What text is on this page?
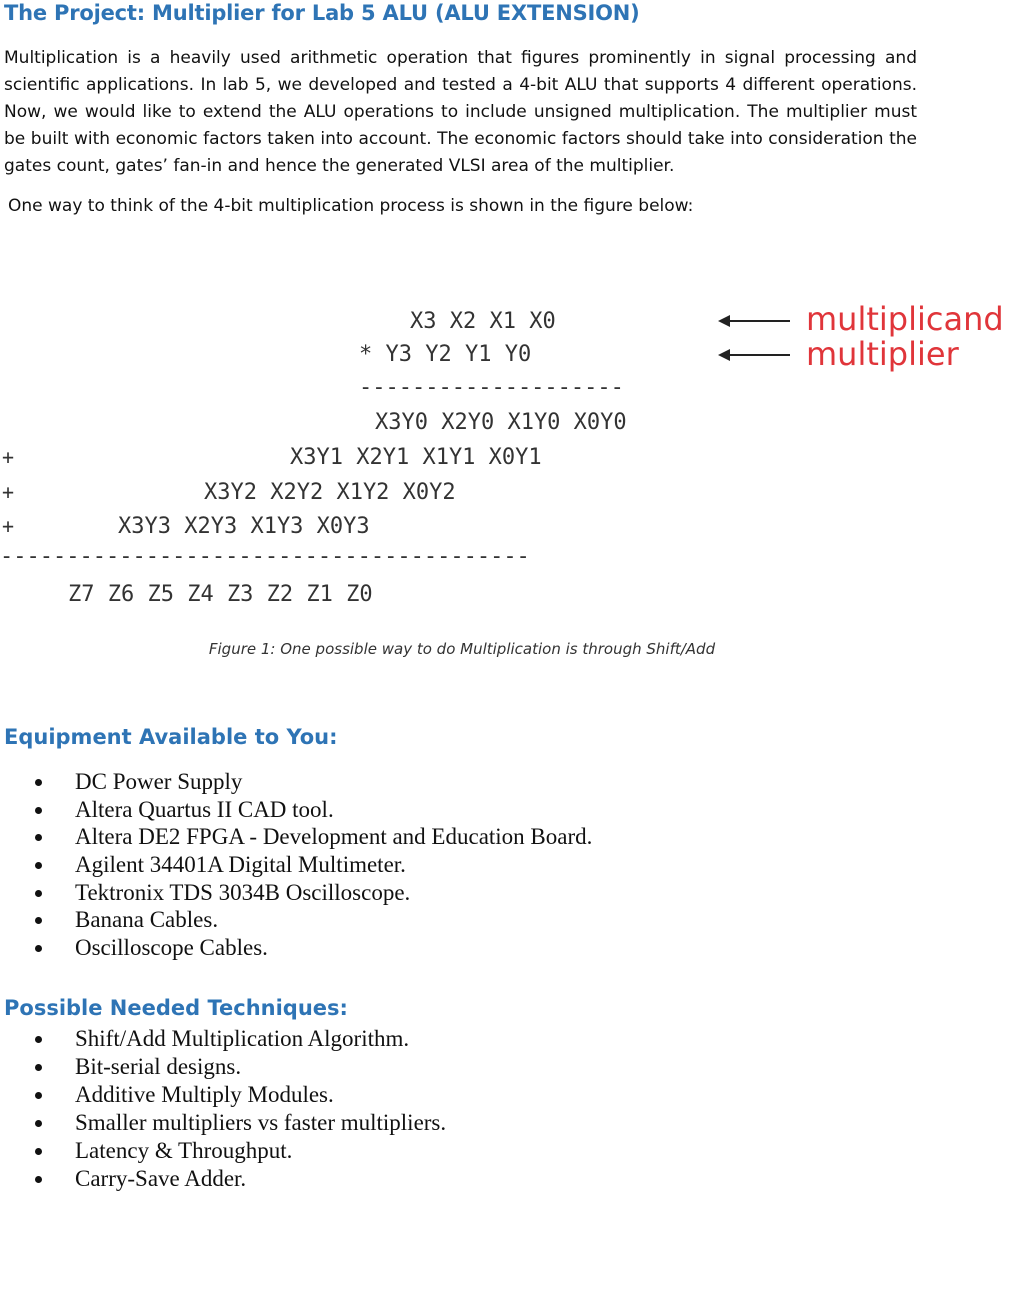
The Project: Multiplier for Lab 5 ALU (ALU EXTENSION)
Multiplication is a heavily used arithmetic operation that figures prominently in signal processing and scientific applications. In lab 5, we developed and tested a 4-bit ALU that supports 4 different operations. Now, we would like to extend the ALU operations to include unsigned multiplication. The multiplier must be built with economic factors taken into account. The economic factors should take into consideration the gates count, gates’ fan-in and hence the generated VLSI area of the multiplier.
One way to think of the 4-bit multiplication process is shown in the figure below:
X3 X2 X1 X0
* Y3 Y2 Y1 Y0
--------------------
X3Y0 X2Y0 X1Y0 X0Y0
+	X3Y1 X2Y1 X1Y1 X0Y1
+	X3Y2 X2Y2 X1Y2 X0Y2
+	X3Y3 X2Y3 X1Y3 X0Y3
----------------------------------------
Z7 Z6 Z5 Z4 Z3 Z2 Z1 Z0
multiplicand
multiplier
Figure 1: One possible way to do Multiplication is through Shift/Add
Equipment Available to You:
DC Power Supply
Altera Quartus II CAD tool.
Altera DE2 FPGA - Development and Education Board.
Agilent 34401A Digital Multimeter.
Tektronix TDS 3034B Oscilloscope.
Banana Cables.
Oscilloscope Cables.
Possible Needed Techniques:
Shift/Add Multiplication Algorithm.
Bit-serial designs.
Additive Multiply Modules.
Smaller multipliers vs faster multipliers.
Latency & Throughput.
Carry-Save Adder.
